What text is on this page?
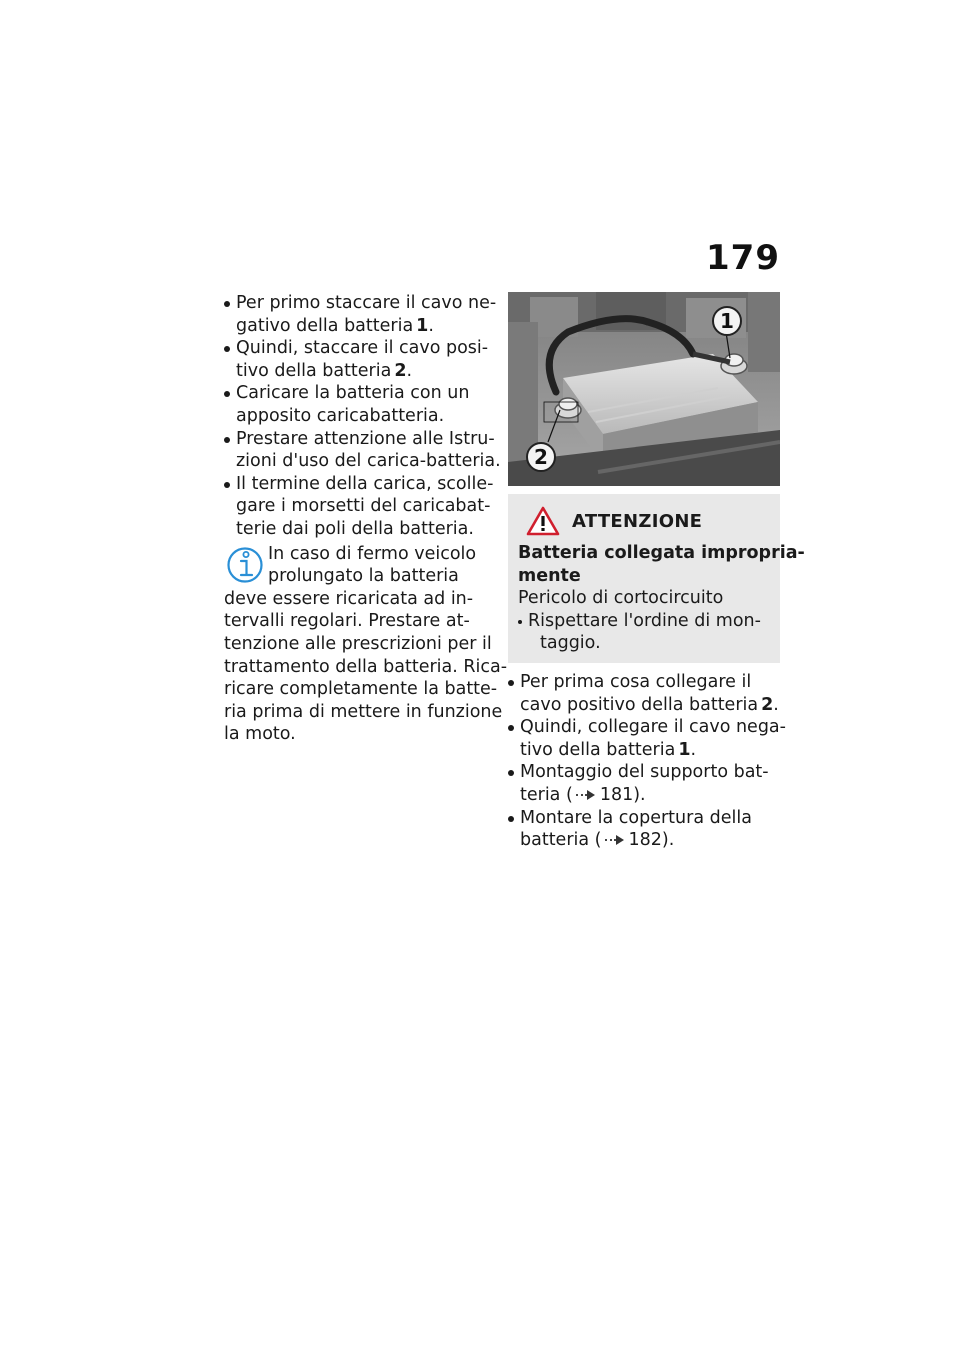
179
Per primo staccare il cavo ne-
gativo della batteria 1.
Quindi, staccare il cavo posi-
tivo della batteria 2.
Caricare la batteria con un
apposito caricabatteria.
Prestare attenzione alle Istru-
zioni d'uso del carica-batteria.
Il termine della carica, scolle-
gare i morsetti del caricabat-
terie dai poli della batteria.
In caso di fermo veicolo
prolungato la batteria
deve essere ricaricata ad in-
tervalli regolari. Prestare at-
tenzione alle prescrizioni per il
trattamento della batteria. Rica-
ricare completamente la batte-
ria prima di mettere in funzione
la moto.
1
2
ATTENZIONE
Batteria collegata impropria-
mente
Pericolo di cortocircuito
Rispettare l'ordine di mon-
taggio.
Per prima cosa collegare il
cavo positivo della batteria 2.
Quindi, collegare il cavo nega-
tivo della batteria 1.
Montaggio del supporto bat-
teria ( 181).
Montare la copertura della
batteria ( 182).
